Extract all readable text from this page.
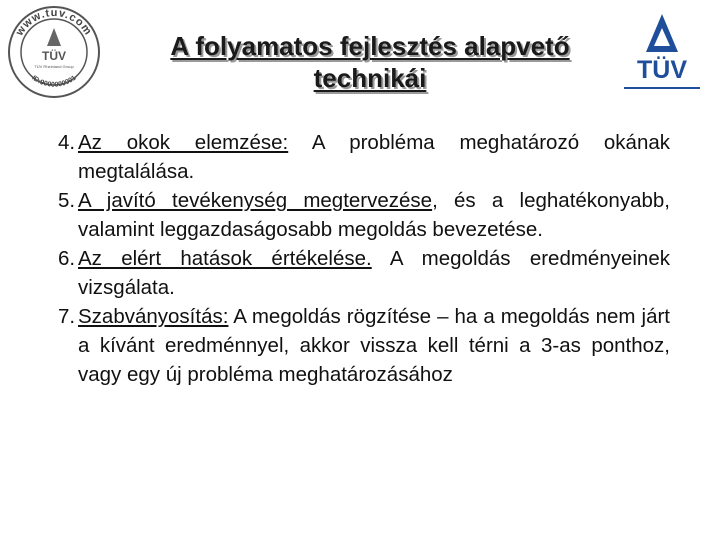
www.tuv.com
ID:9000000001
TÜV
TÜV Rheinland Group	TÜV
A folyamatos fejlesztés alapvető
technikái
4. Az okok elemzése: A probléma meghatározó okának megtalálása.
5. A javító tevékenység megtervezése, és a leghatékonyabb, valamint leggazdaságosabb megoldás bevezetése.
6. Az elért hatások értékelése. A megoldás eredményeinek vizsgálata.
7. Szabványosítás: A megoldás rögzítése – ha a megoldás nem járt a kívánt eredménnyel, akkor vissza kell térni a 3-as ponthoz, vagy egy új probléma meghatározásához
